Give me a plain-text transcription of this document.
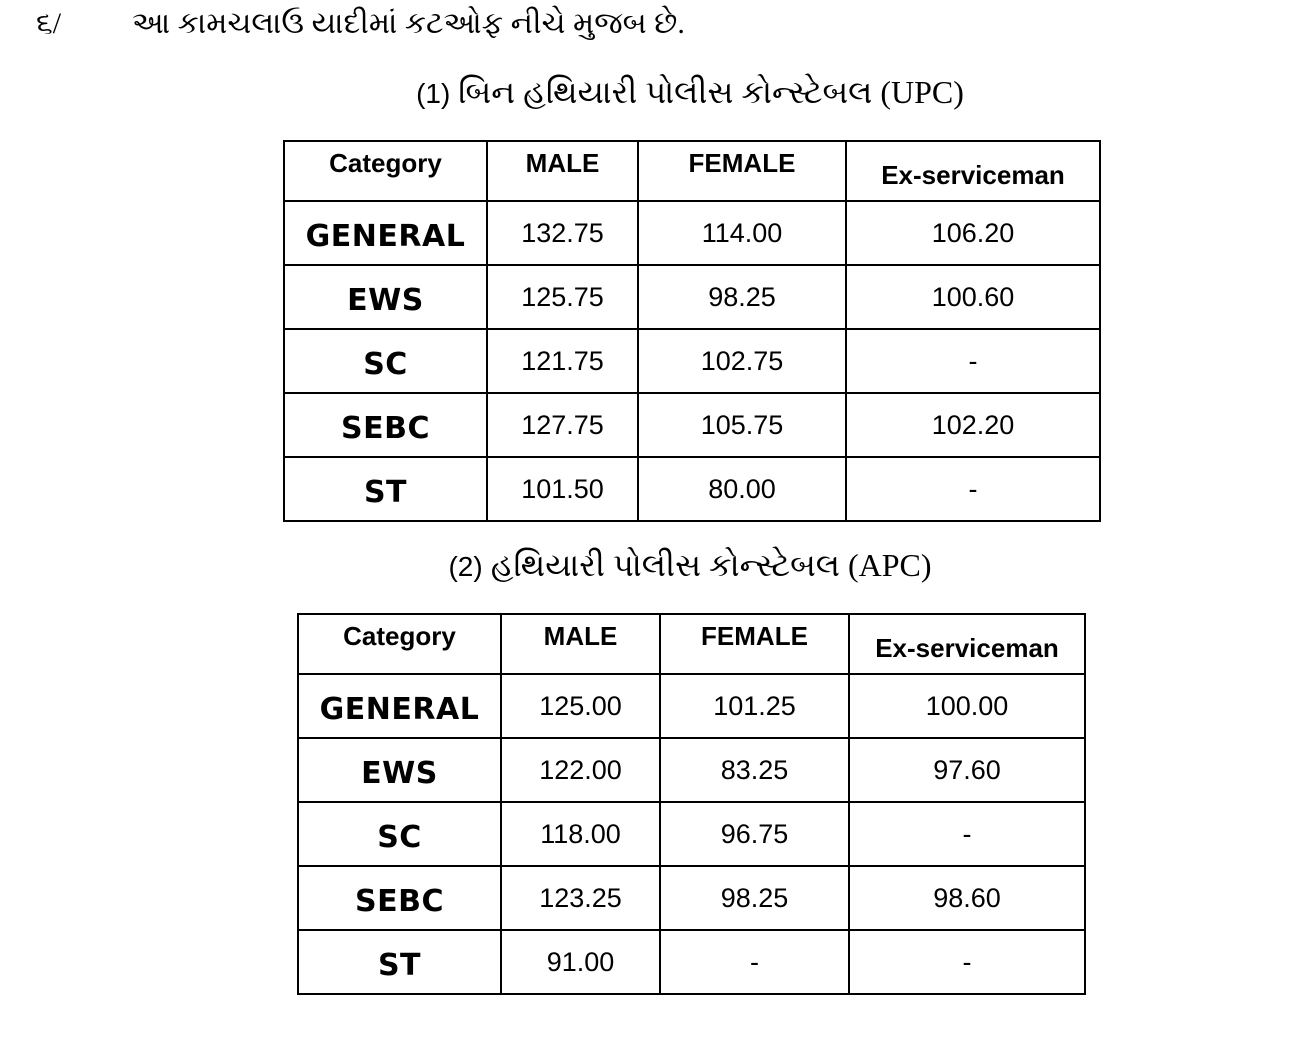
૬/ આ કામચલાઉ યાદીમાં કટઓફ નીચે મુજબ છે.
(1) બિન હથિયારી પોલીસ કોન્સ્ટેબલ (UPC)
Category	MALE	FEMALE	Ex-serviceman
GENERAL	132.75	114.00	106.20
EWS	125.75	98.25	100.60
SC	121.75	102.75	-
SEBC	127.75	105.75	102.20
ST	101.50	80.00	-
(2) હથિયારી પોલીસ કોન્સ્ટેબલ (APC)
Category	MALE	FEMALE	Ex-serviceman
GENERAL	125.00	101.25	100.00
EWS	122.00	83.25	97.60
SC	118.00	96.75	-
SEBC	123.25	98.25	98.60
ST	91.00	-	-
